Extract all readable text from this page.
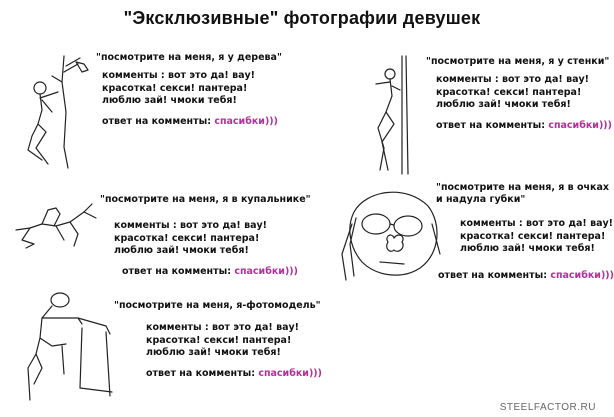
"Эксклюзивные" фотографии девушек
"посмотрите на меня, я у дерева"
комменты : вот это да! вау!
красотка! секси! пантера!
люблю зай! чмоки тебя!
ответ на комменты: спасибки)))
"посмотрите на меня, я у стенки"
комменты : вот это да! вау!
красотка! секси! пантера!
люблю зай! чмоки тебя!
ответ на комменты: спасибки)))
"посмотрите на меня, я в купальнике"
комменты : вот это да! вау!
красотка! секси! пантера!
люблю зай! чмоки тебя!
ответ на комменты: спасибки)))
"посмотрите на меня, я в очках
и надула губки"
комменты : вот это да! вау!
красотка! секси! пантера!
люблю зай! чмоки тебя!
ответ на комменты: спасибки)))
"посмотрите на меня, я-фотомодель"
комменты : вот это да! вау!
красотка! секси! пантера!
люблю зай! чмоки тебя!
ответ на комменты: спасибки)))
STEELFACTOR.RU
